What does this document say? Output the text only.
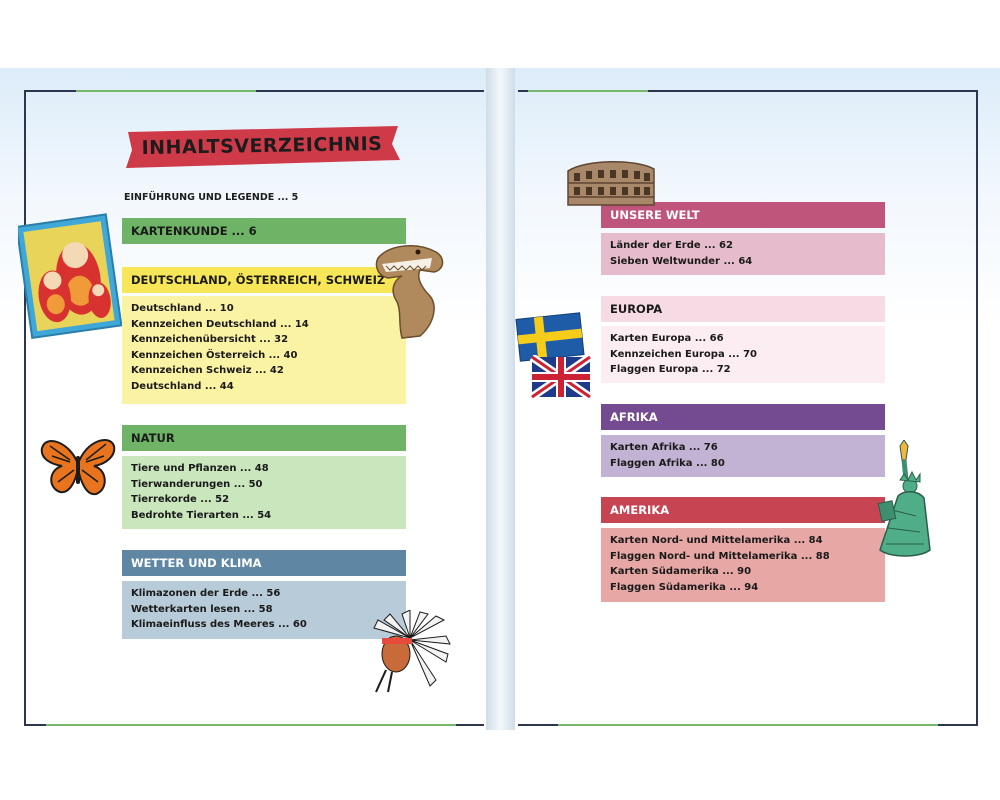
INHALTSVERZEICHNIS
EINFÜHRUNG UND LEGENDE ... 5
KARTENKUNDE ... 6
DEUTSCHLAND, ÖSTERREICH, SCHWEIZ
Deutschland ... 10
Kennzeichen Deutschland ... 14
Kennzeichenübersicht ... 32
Kennzeichen Österreich ... 40
Kennzeichen Schweiz ... 42
Deutschland ... 44
NATUR
Tiere und Pflanzen ... 48
Tierwanderungen ... 50
Tierrekorde ... 52
Bedrohte Tierarten ... 54
WETTER UND KLIMA
Klimazonen der Erde ... 56
Wetterkarten lesen ... 58
Klimaeinfluss des Meeres ... 60
UNSERE WELT
Länder der Erde ... 62
Sieben Weltwunder ... 64
EUROPA
Karten Europa ... 66
Kennzeichen Europa ... 70
Flaggen Europa ... 72
AFRIKA
Karten Afrika ... 76
Flaggen Afrika ... 80
AMERIKA
Karten Nord- und Mittelamerika ... 84
Flaggen Nord- und Mittelamerika ... 88
Karten Südamerika ... 90
Flaggen Südamerika ... 94
